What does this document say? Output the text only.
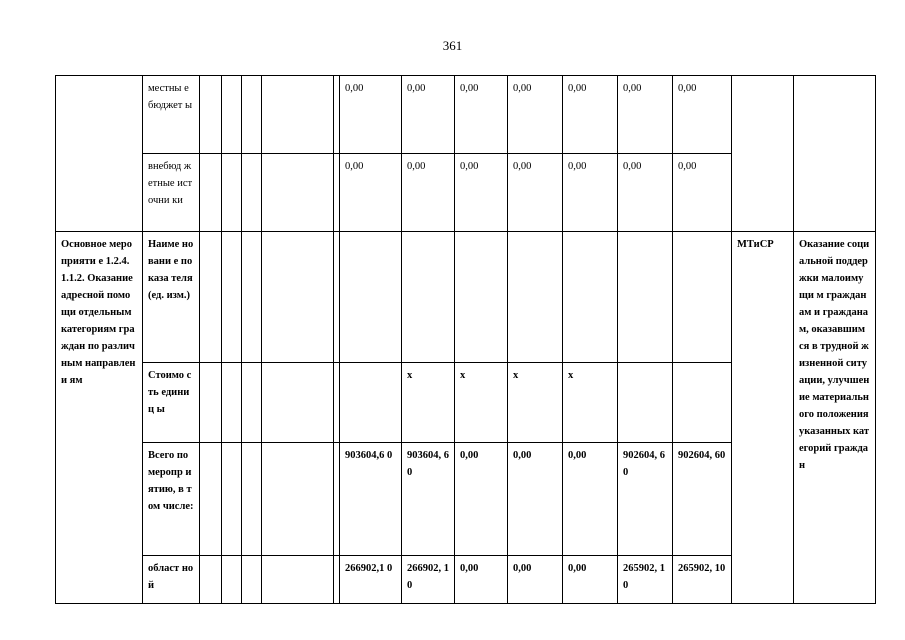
361
	местны е бюджет ы						0,00	0,00	0,00	0,00	0,00	0,00	0,00		
	внебюд жетные источни ки						0,00	0,00	0,00	0,00	0,00	0,00	0,00		
Основное мероприяти е 1.2.4.1.1.2. Оказание адресной помощи отдельным категориям граждан по различным направлени ям	Наиме новани е показа теля (ед. изм.)													МТиСР	Оказание социальной поддержки малоимущи м гражданам и гражданам, оказавшим ся в трудной жизненной ситуации, улучшение материальн ого положения указанных категорий граждан
	Стоимо сть единиц ы							х	х	х	х				
	Всего по меропр иятию, в том числе:						903604,6 0	903604, 60	0,00	0,00	0,00	902604, 60	902604, 60		
	област ной						266902,1 0	266902, 10	0,00	0,00	0,00	265902, 10	265902, 10		
